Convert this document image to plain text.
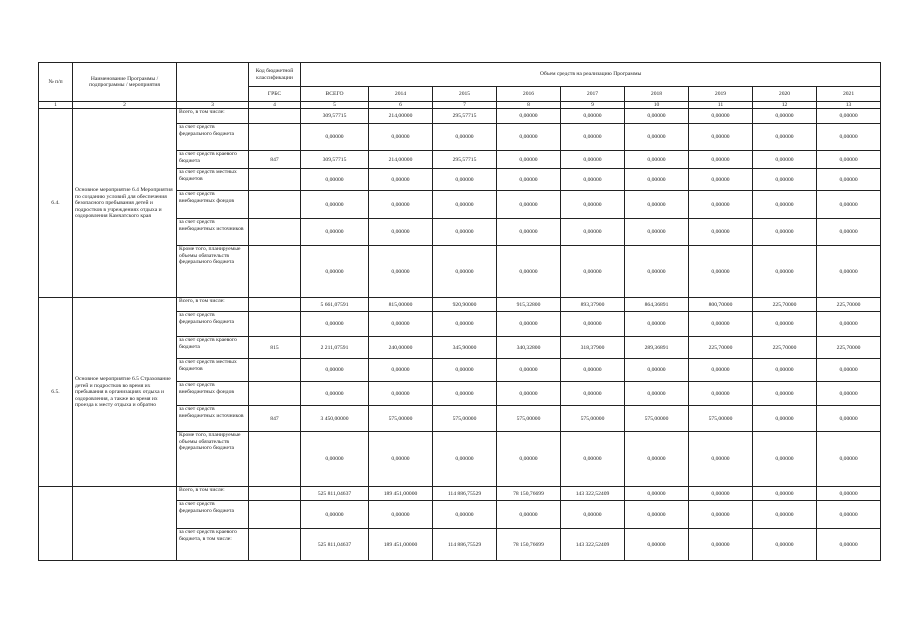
№ п/п	Наименование Программы / подпрограммы / мероприятия		Код бюджетной классификации	Объем средств на реализацию Программы								
			ГРБС	ВСЕГО	2014	2015	2016	2017	2018	2019	2020	2021
1	2	3	4	5	6	7	8	9	10	11	12	13
6.4.	Основное мероприятие 6.4 Мероприятия по созданию условий для обеспечения безопасного пребывания детей и подростков в учреждениях отдыха и оздоровления Камчатского края	Всего, в том числе:		309,57715	214,00000	295,57715	0,00000	0,00000	0,00000	0,00000	0,00000	0,00000
		за счет средств федерального бюджета		0,00000	0,00000	0,00000	0,00000	0,00000	0,00000	0,00000	0,00000	0,00000
		за счет средств краевого бюджета	847	309,57715	214,00000	295,57715	0,00000	0,00000	0,00000	0,00000	0,00000	0,00000
		за счет средств местных бюджетов		0,00000	0,00000	0,00000	0,00000	0,00000	0,00000	0,00000	0,00000	0,00000
		за счет средств внебюджетных фондов		0,00000	0,00000	0,00000	0,00000	0,00000	0,00000	0,00000	0,00000	0,00000
		за счет средств внебюджетных источников		0,00000	0,00000	0,00000	0,00000	0,00000	0,00000	0,00000	0,00000	0,00000
		Кроме того, планируемые объемы обязательств федерального бюджета		0,00000	0,00000	0,00000	0,00000	0,00000	0,00000	0,00000	0,00000	0,00000
6.5.	Основное мероприятие 6.5 Страхование детей и подростков во время их пребывания в организациях отдыха и оздоровления, а также во время их проезда к месту отдыха и обратно	Всего, в том числе:		5 661,07591	815,00000	920,90000	915,32800	893,37900	864,36891	800,70000	225,70000	225,70000
		за счет средств федерального бюджета		0,00000	0,00000	0,00000	0,00000	0,00000	0,00000	0,00000	0,00000	0,00000
		за счет средств краевого бюджета	815	2 211,07591	240,00000	345,90000	340,32800	318,37900	289,36891	225,70000	225,70000	225,70000
		за счет средств местных бюджетов		0,00000	0,00000	0,00000	0,00000	0,00000	0,00000	0,00000	0,00000	0,00000
		за счет средств внебюджетных фондов		0,00000	0,00000	0,00000	0,00000	0,00000	0,00000	0,00000	0,00000	0,00000
		за счет средств внебюджетных источников	847	3 450,00000	575,00000	575,00000	575,00000	575,00000	575,00000	575,00000	0,00000	0,00000
		Кроме того, планируемые объемы обязательств федерального бюджета		0,00000	0,00000	0,00000	0,00000	0,00000	0,00000	0,00000	0,00000	0,00000
		Всего, в том числе:		525 811,04637	189 451,00000	114 886,75529	78 150,76699	143 322,52409	0,00000	0,00000	0,00000	0,00000
		за счет средств федерального бюджета		0,00000	0,00000	0,00000	0,00000	0,00000	0,00000	0,00000	0,00000	0,00000
		за счет средств краевого бюджета, в том числе:		525 811,04637	189 451,00000	114 886,75529	78 150,76699	143 322,52409	0,00000	0,00000	0,00000	0,00000
